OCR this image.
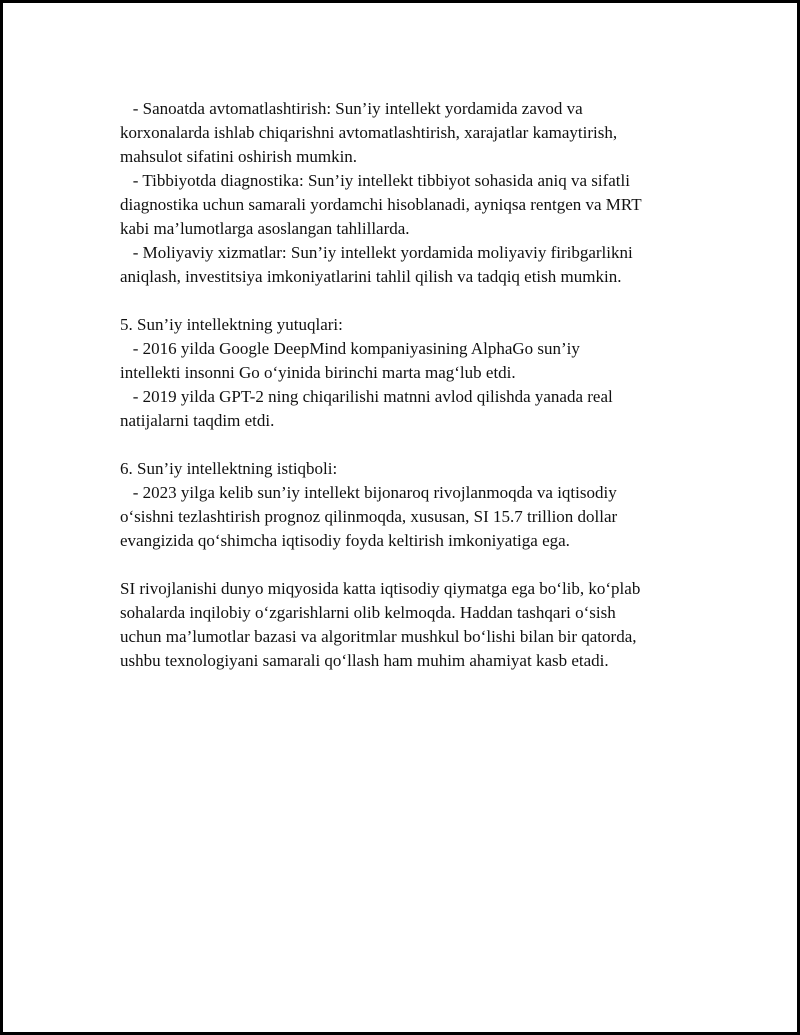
- Sanoatda avtomatlashtirish: Sun’iy intellekt yordamida zavod va
korxonalarda ishlab chiqarishni avtomatlashtirish, xarajatlar kamaytirish,
mahsulot sifatini oshirish mumkin.
- Tibbiyotda diagnostika: Sun’iy intellekt tibbiyot sohasida aniq va sifatli
diagnostika uchun samarali yordamchi hisoblanadi, ayniqsa rentgen va MRT
kabi ma’lumotlarga asoslangan tahlillarda.
- Moliyaviy xizmatlar: Sun’iy intellekt yordamida moliyaviy firibgarlikni
aniqlash, investitsiya imkoniyatlarini tahlil qilish va tadqiq etish mumkin.
5. Sun’iy intellektning yutuqlari:
- 2016 yilda Google DeepMind kompaniyasining AlphaGo sun’iy
intellekti insonni Go o‘yinida birinchi marta mag‘lub etdi.
- 2019 yilda GPT-2 ning chiqarilishi matnni avlod qilishda yanada real
natijalarni taqdim etdi.
6. Sun’iy intellektning istiqboli:
- 2023 yilga kelib sun’iy intellekt bijonaroq rivojlanmoqda va iqtisodiy
o‘sishni tezlashtirish prognoz qilinmoqda, xususan, SI 15.7 trillion dollar
evangizida qo‘shimcha iqtisodiy foyda keltirish imkoniyatiga ega.
SI rivojlanishi dunyo miqyosida katta iqtisodiy qiymatga ega bo‘lib, ko‘plab
sohalarda inqilobiy o‘zgarishlarni olib kelmoqda. Haddan tashqari o‘sish
uchun ma’lumotlar bazasi va algoritmlar mushkul bo‘lishi bilan bir qatorda,
ushbu texnologiyani samarali qo‘llash ham muhim ahamiyat kasb etadi.
